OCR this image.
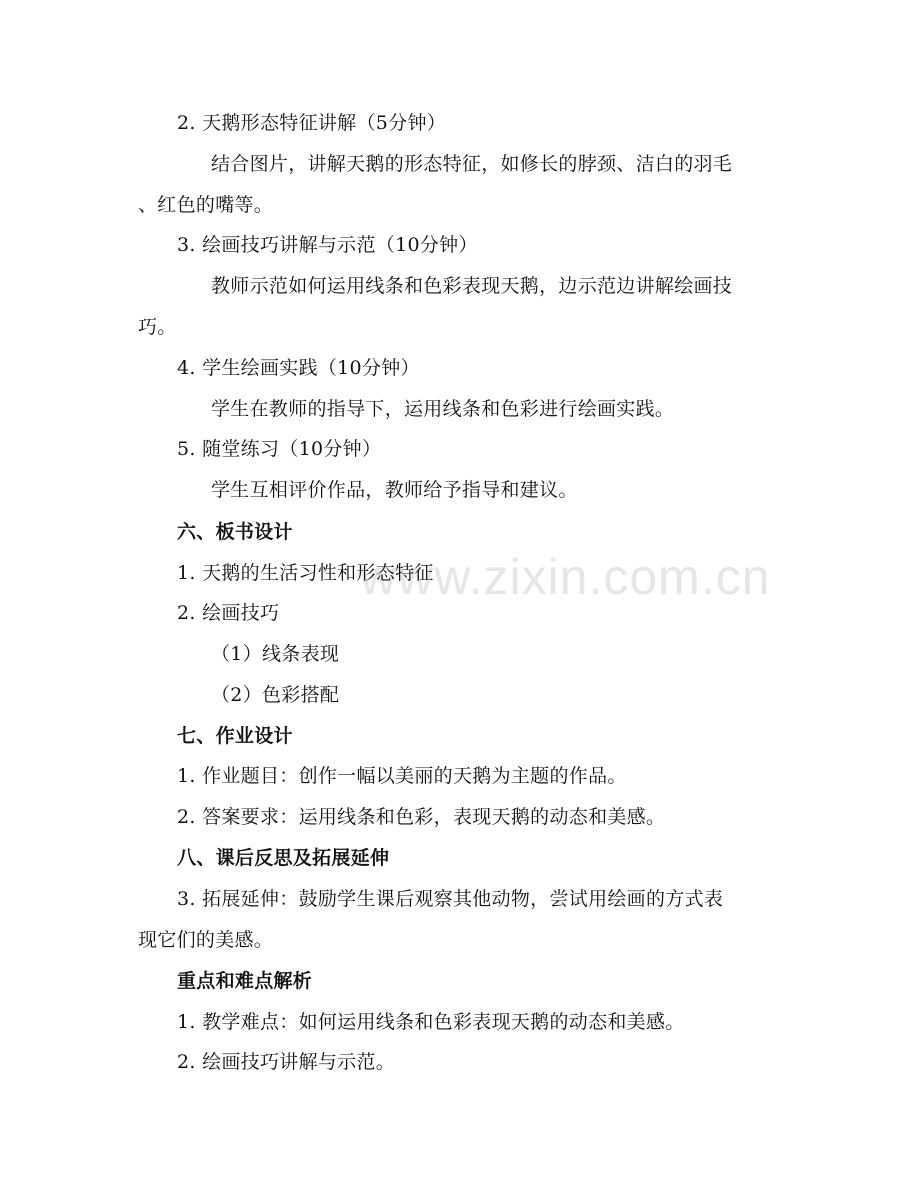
www.zixin.com.cn
2. 天鹅形态特征讲解（5分钟）
结合图片，讲解天鹅的形态特征，如修长的脖颈、洁白的羽毛
、红色的嘴等。
3. 绘画技巧讲解与示范（10分钟）
教师示范如何运用线条和色彩表现天鹅，边示范边讲解绘画技
巧。
4. 学生绘画实践（10分钟）
学生在教师的指导下，运用线条和色彩进行绘画实践。
5. 随堂练习（10分钟）
学生互相评价作品，教师给予指导和建议。
六、板书设计
1. 天鹅的生活习性和形态特征
2. 绘画技巧
（1）线条表现
（2）色彩搭配
七、作业设计
1. 作业题目：创作一幅以美丽的天鹅为主题的作品。
2. 答案要求：运用线条和色彩，表现天鹅的动态和美感。
八、课后反思及拓展延伸
3. 拓展延伸：鼓励学生课后观察其他动物，尝试用绘画的方式表
现它们的美感。
重点和难点解析
1. 教学难点：如何运用线条和色彩表现天鹅的动态和美感。
2. 绘画技巧讲解与示范。
